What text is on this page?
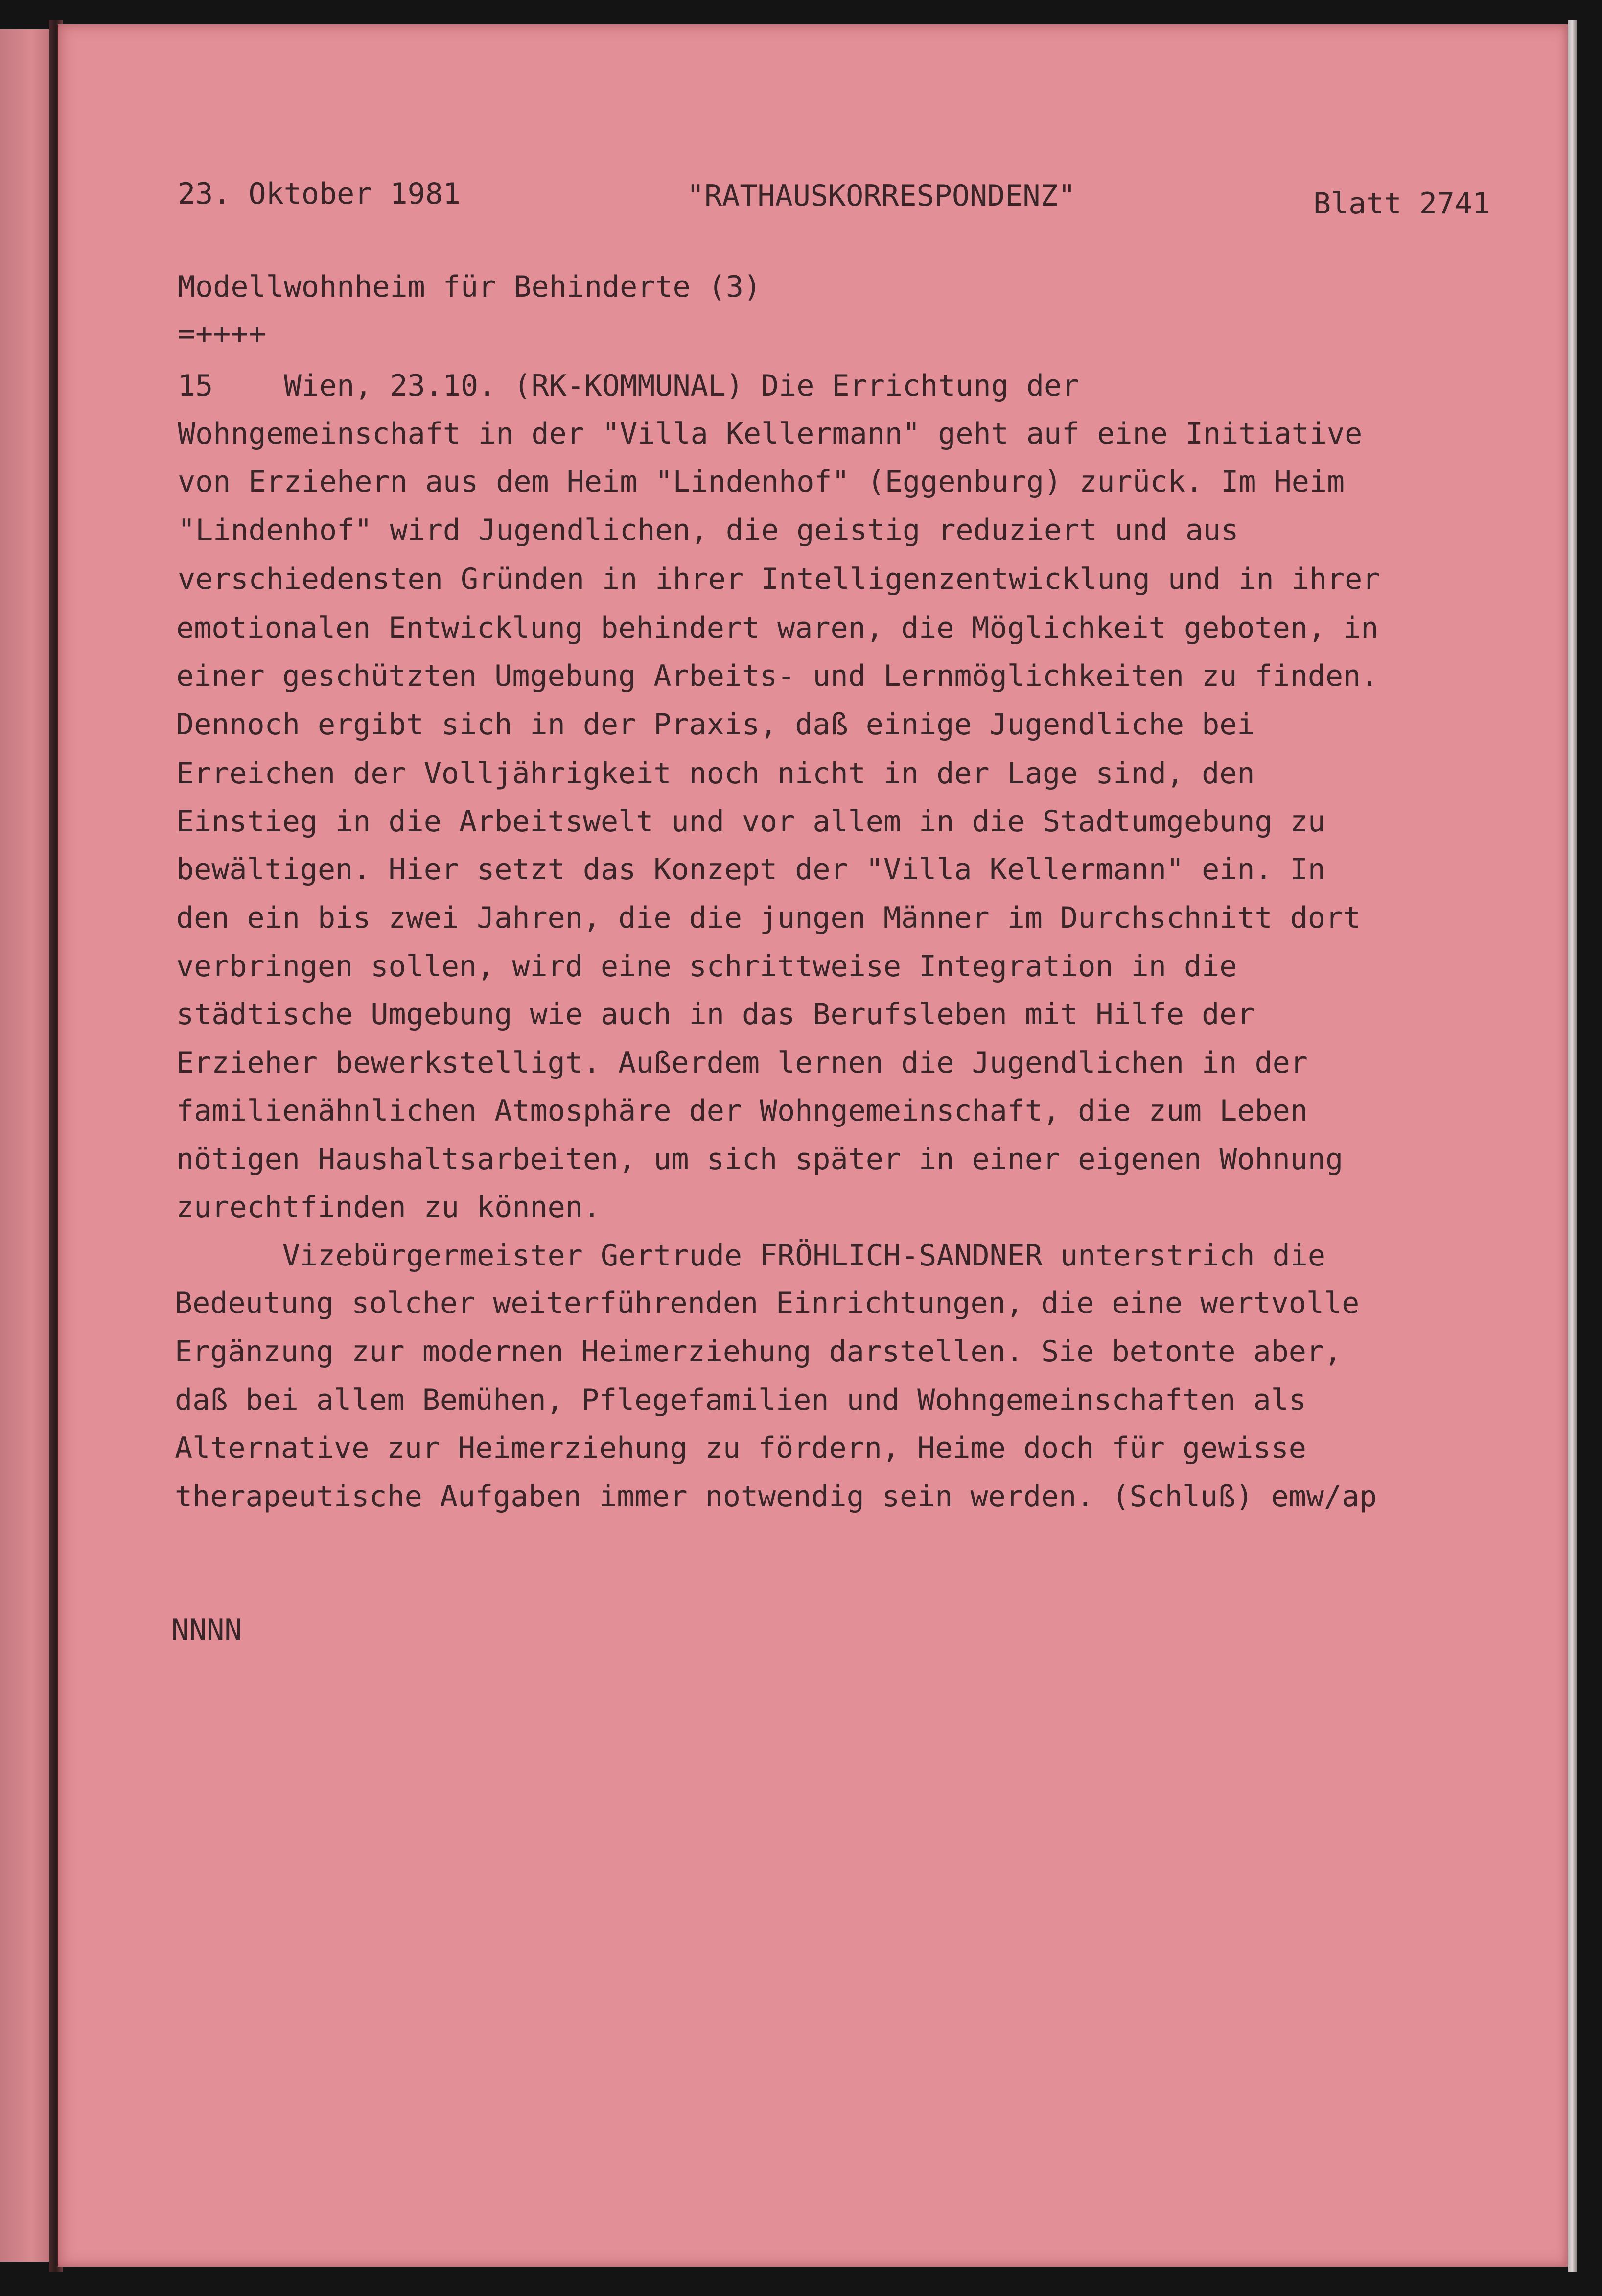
23. Oktober 1981	"RATHAUSKORRESPONDENZ"	Blatt 2741
Modellwohnheim für Behinderte (3)
=++++
15    Wien, 23.10. (RK-KOMMUNAL) Die Errichtung der
Wohngemeinschaft in der "Villa Kellermann" geht auf eine Initiative
von Erziehern aus dem Heim "Lindenhof" (Eggenburg) zurück. Im Heim
"Lindenhof" wird Jugendlichen, die geistig reduziert und aus
verschiedensten Gründen in ihrer Intelligenzentwicklung und in ihrer
emotionalen Entwicklung behindert waren, die Möglichkeit geboten, in
einer geschützten Umgebung Arbeits- und Lernmöglichkeiten zu finden.
Dennoch ergibt sich in der Praxis, daß einige Jugendliche bei
Erreichen der Volljährigkeit noch nicht in der Lage sind, den
Einstieg in die Arbeitswelt und vor allem in die Stadtumgebung zu
bewältigen. Hier setzt das Konzept der "Villa Kellermann" ein. In
den ein bis zwei Jahren, die die jungen Männer im Durchschnitt dort
verbringen sollen, wird eine schrittweise Integration in die
städtische Umgebung wie auch in das Berufsleben mit Hilfe der
Erzieher bewerkstelligt. Außerdem lernen die Jugendlichen in der
familienähnlichen Atmosphäre der Wohngemeinschaft, die zum Leben
nötigen Haushaltsarbeiten, um sich später in einer eigenen Wohnung
zurechtfinden zu können.
Vizebürgermeister Gertrude FRÖHLICH-SANDNER unterstrich die
Bedeutung solcher weiterführenden Einrichtungen, die eine wertvolle
Ergänzung zur modernen Heimerziehung darstellen. Sie betonte aber,
daß bei allem Bemühen, Pflegefamilien und Wohngemeinschaften als
Alternative zur Heimerziehung zu fördern, Heime doch für gewisse
therapeutische Aufgaben immer notwendig sein werden. (Schluß) emw/ap
NNNN
